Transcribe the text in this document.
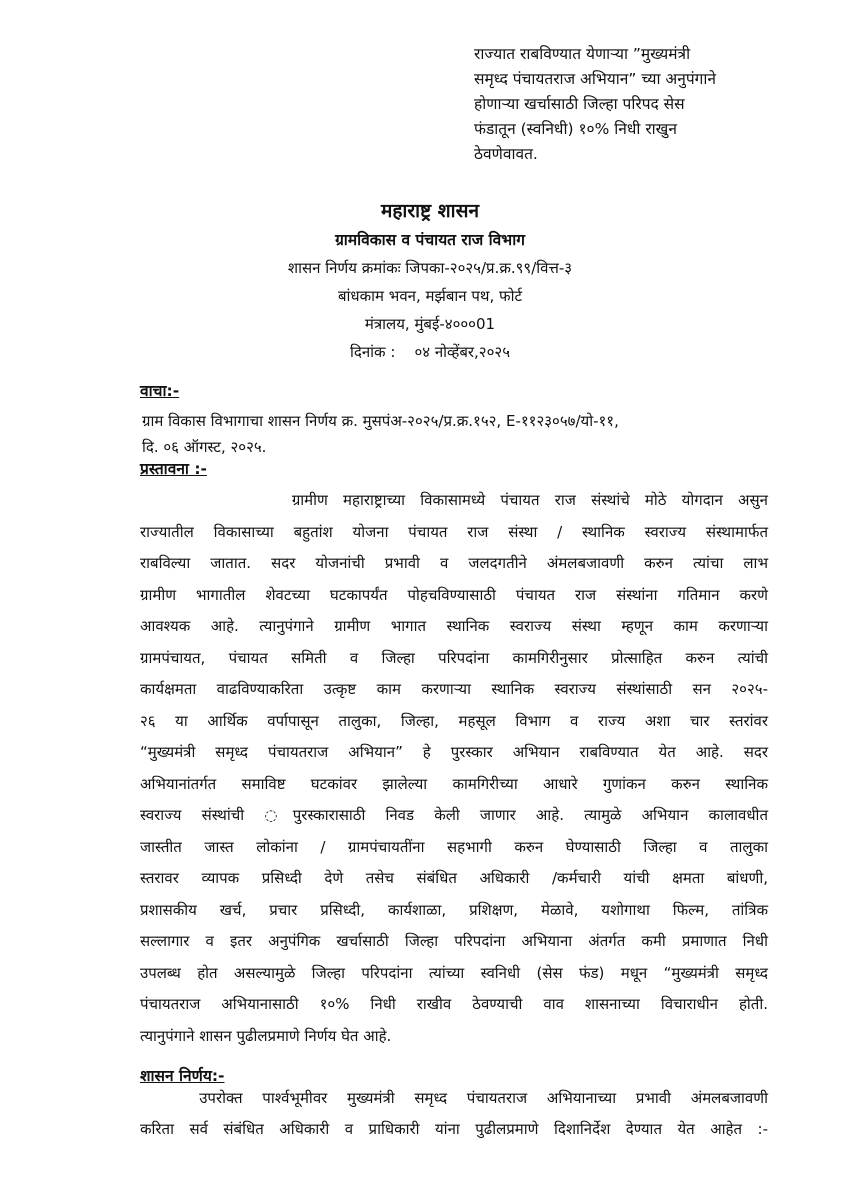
राज्यात राबविण्यात येणाऱ्या ”मुख्यमंत्री
समृध्द पंचायतराज अभियान” च्या अनुपंगाने
होणाऱ्या खर्चासाठी जिल्हा परिपद सेस
फंडातून (स्वनिधी) १०% निधी राखुन
ठेवणेवावत.
महाराष्ट्र शासन
ग्रामविकास व पंचायत राज विभाग
शासन निर्णय क्रमांकः जिपका-२०२५/प्र.क्र.९९/वित्त-३
बांधकाम भवन, मर्झबान पथ, फोर्ट
मंत्रालय, मुंबई-४०००01
दिनांक :    ०४ नोव्हेंबर,२०२५
वाचा:-
ग्राम विकास विभागाचा शासन निर्णय क्र. मुसपंअ-२०२५/प्र.क्र.१५२, E-११२३०५७/यो-११,
दि. ०६ ऑगस्ट, २०२५.
प्रस्तावना :-
ग्रामीण महाराष्ट्राच्या विकासामध्ये पंचायत राज संस्थांचे मोठे योगदान असुन
राज्यातील विकासाच्या बहुतांश योजना पंचायत राज संस्था / स्थानिक स्वराज्य संस्थामार्फत
राबविल्या जातात. सदर योजनांची प्रभावी व जलदगतीने अंमलबजावणी करुन त्यांचा लाभ
ग्रामीण भागातील शेवटच्या घटकापर्यंत पोहचविण्यासाठी पंचायत राज संस्थांना गतिमान करणे
आवश्यक आहे. त्यानुपंगाने ग्रामीण भागात स्थानिक स्वराज्य संस्था म्हणून काम करणाऱ्या
ग्रामपंचायत, पंचायत समिती व जिल्हा परिपदांना कामगिरीनुसार प्रोत्साहित करुन त्यांची
कार्यक्षमता वाढविण्याकरिता उत्कृष्ट काम करणाऱ्या स्थानिक स्वराज्य संस्थांसाठी सन २०२५-
२६ या आर्थिक वर्पापासून तालुका, जिल्हा, महसूल विभाग व राज्य अशा चार स्तरांवर
“मुख्यमंत्री समृध्द पंचायतराज अभियान” हे पुरस्कार अभियान राबविण्यात येत आहे. सदर
अभियानांतर्गत समाविष्ट घटकांवर झालेल्या कामगिरीच्या आधारे गुणांकन करुन स्थानिक
स्वराज्य संस्थांची ◌पुरस्कारासाठी निवड केली जाणार आहे. त्यामुळे अभियान कालावधीत
जास्तीत जास्त लोकांना / ग्रामपंचायतींना सहभागी करुन घेण्यासाठी जिल्हा व तालुका
स्तरावर व्यापक प्रसिध्दी देणे तसेच संबंधित अधिकारी /कर्मचारी यांची क्षमता बांधणी,
प्रशासकीय खर्च, प्रचार प्रसिध्दी, कार्यशाळा, प्रशिक्षण, मेळावे, यशोगाथा फिल्म, तांत्रिक
सल्लागार व इतर अनुपंगिक खर्चासाठी जिल्हा परिपदांना अभियाना अंतर्गत कमी प्रमाणात निधी
उपलब्ध होत असल्यामुळे जिल्हा परिपदांना त्यांच्या स्वनिधी (सेस फंड) मधून “मुख्यमंत्री समृध्द
पंचायतराज अभियानासाठी १०% निधी राखीव ठेवण्याची वाव शासनाच्या विचाराधीन होती.
त्यानुपंगाने शासन पुढीलप्रमाणे निर्णय घेत आहे.
शासन निर्णय:-
उपरोक्त पार्श्वभूमीवर मुख्यमंत्री समृध्द पंचायतराज अभियानाच्या प्रभावी अंमलबजावणी
करिता सर्व संबंधित अधिकारी व प्राधिकारी यांना पुढीलप्रमाणे दिशानिर्देश देण्यात येत आहेत :-
